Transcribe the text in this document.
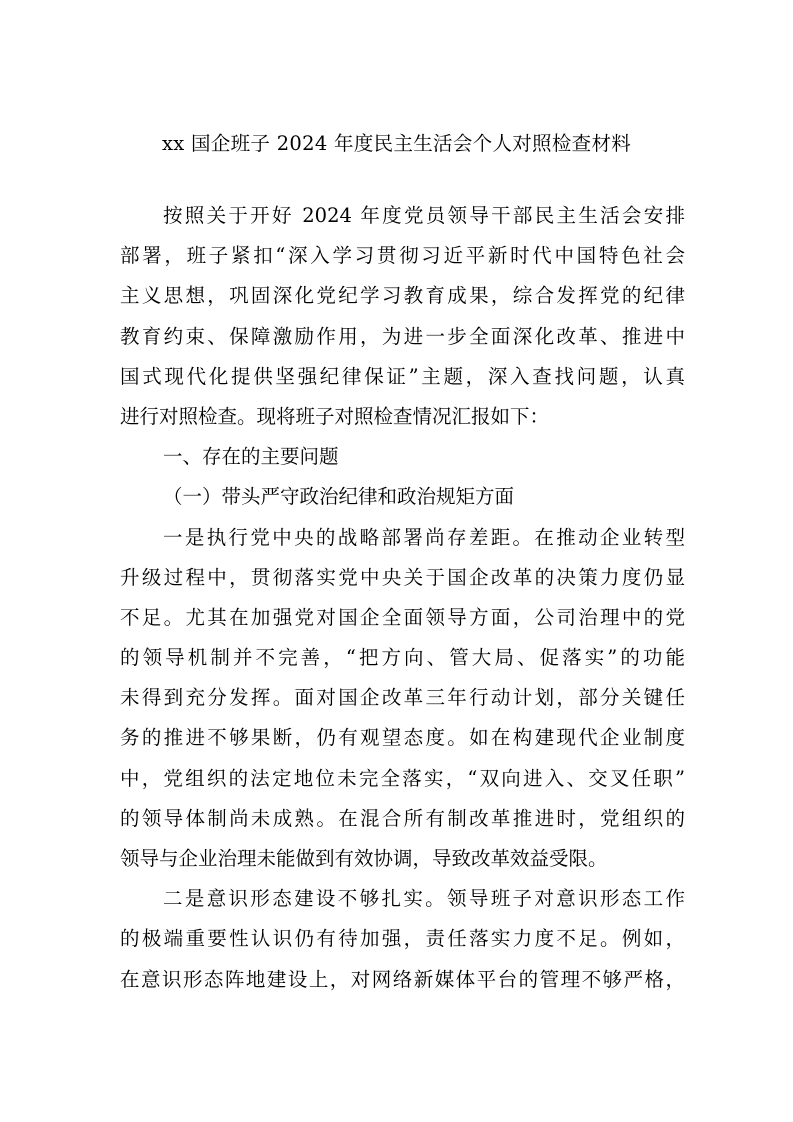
xx 国企班子 2024 年度民主生活会个人对照检查材料
按照关于开好 2024 年度党员领导干部民主生活会安排
部署，班子紧扣“深入学习贯彻习近平新时代中国特色社会
主义思想，巩固深化党纪学习教育成果，综合发挥党的纪律
教育约束、保障激励作用，为进一步全面深化改革、推进中
国式现代化提供坚强纪律保证”主题，深入查找问题，认真
进行对照检查。现将班子对照检查情况汇报如下：
一、存在的主要问题
（一）带头严守政治纪律和政治规矩方面
一是执行党中央的战略部署尚存差距。在推动企业转型
升级过程中，贯彻落实党中央关于国企改革的决策力度仍显
不足。尤其在加强党对国企全面领导方面，公司治理中的党
的领导机制并不完善，“把方向、管大局、促落实”的功能
未得到充分发挥。面对国企改革三年行动计划，部分关键任
务的推进不够果断，仍有观望态度。如在构建现代企业制度
中，党组织的法定地位未完全落实，“双向进入、交叉任职”
的领导体制尚未成熟。在混合所有制改革推进时，党组织的
领导与企业治理未能做到有效协调，导致改革效益受限。
二是意识形态建设不够扎实。领导班子对意识形态工作
的极端重要性认识仍有待加强，责任落实力度不足。例如，
在意识形态阵地建设上，对网络新媒体平台的管理不够严格，
